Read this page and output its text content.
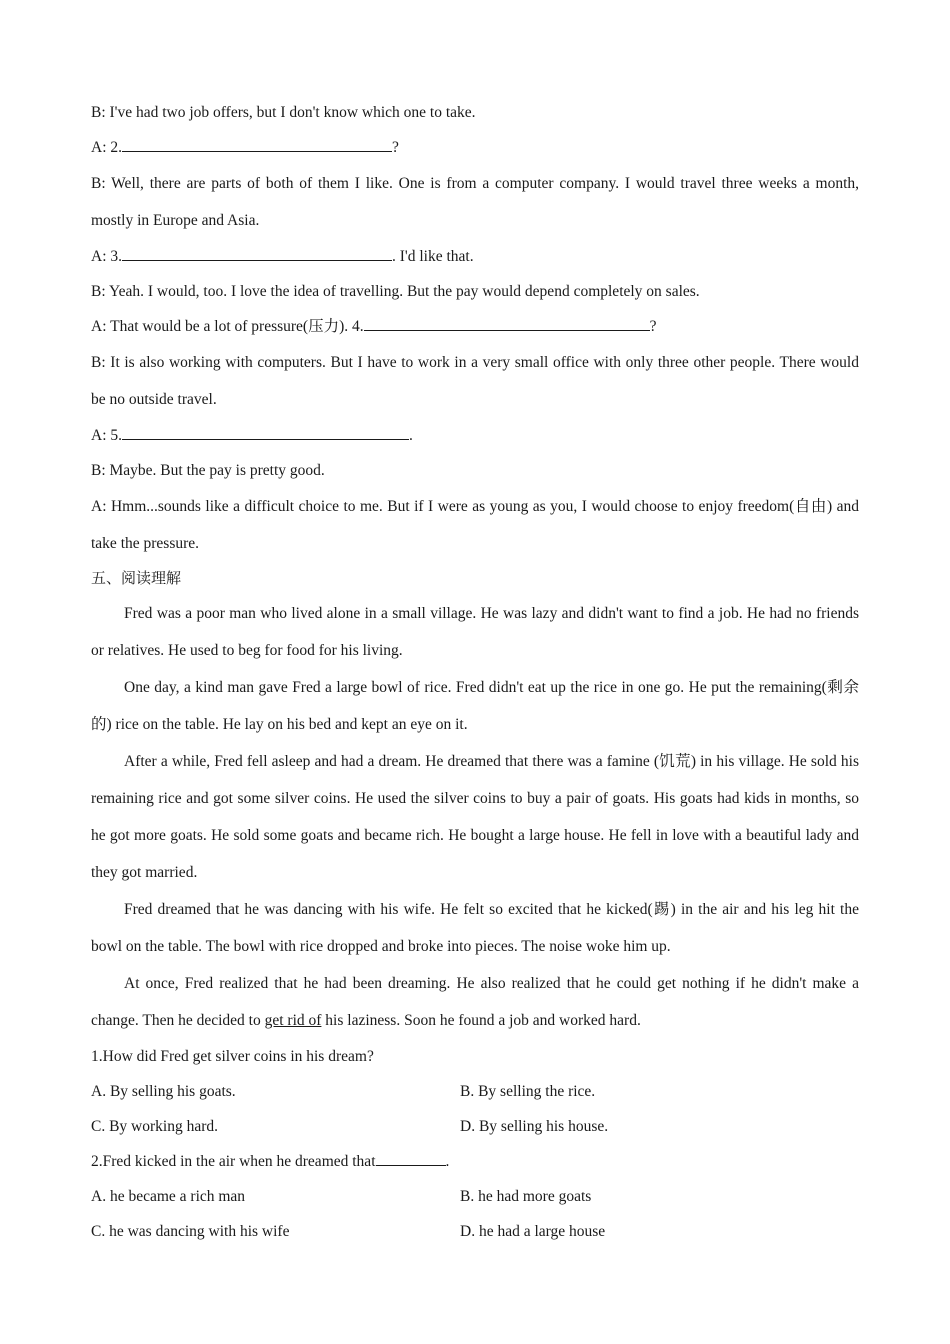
B: I've had two job offers, but I don't know which one to take.

A: 2.	?

B: Well, there are parts of both of them I like. One is from a computer company. I would travel three weeks a month, mostly in Europe and Asia.

A: 3.	. I'd like that.

B: Yeah. I would, too. I love the idea of travelling. But the pay would depend completely on sales.

A: That would be a lot of pressure(压力). 4.	?

B: It is also working with computers. But I have to work in a very small office with only three other people. There would be no outside travel.

A: 5.	.

B: Maybe. But the pay is pretty good.

A: Hmm...sounds like a difficult choice to me. But if I were as young as you, I would choose to enjoy freedom(自由) and take the pressure.

五、阅读理解

Fred was a poor man who lived alone in a small village. He was lazy and didn't want to find a job. He had no friends or relatives. He used to beg for food for his living.

One day, a kind man gave Fred a large bowl of rice. Fred didn't eat up the rice in one go. He put the remaining(剩余的) rice on the table. He lay on his bed and kept an eye on it.

After a while, Fred fell asleep and had a dream. He dreamed that there was a famine (饥荒) in his village. He sold his remaining rice and got some silver coins. He used the silver coins to buy a pair of goats. His goats had kids in months, so he got more goats. He sold some goats and became rich. He bought a large house. He fell in love with a beautiful lady and they got married.

Fred dreamed that he was dancing with his wife. He felt so excited that he kicked(踢) in the air and his leg hit the bowl on the table. The bowl with rice dropped and broke into pieces. The noise woke him up.

At once, Fred realized that he had been dreaming. He also realized that he could get nothing if he didn't make a change. Then he decided to get rid of his laziness. Soon he found a job and worked hard.

1.How did Fred get silver coins in his dream?

A. By selling his goats.	B. By selling the rice.
C. By working hard.	D. By selling his house.

2.Fred kicked in the air when he dreamed that	.

A. he became a rich man	B. he had more goats
C. he was dancing with his wife	D. he had a large house
